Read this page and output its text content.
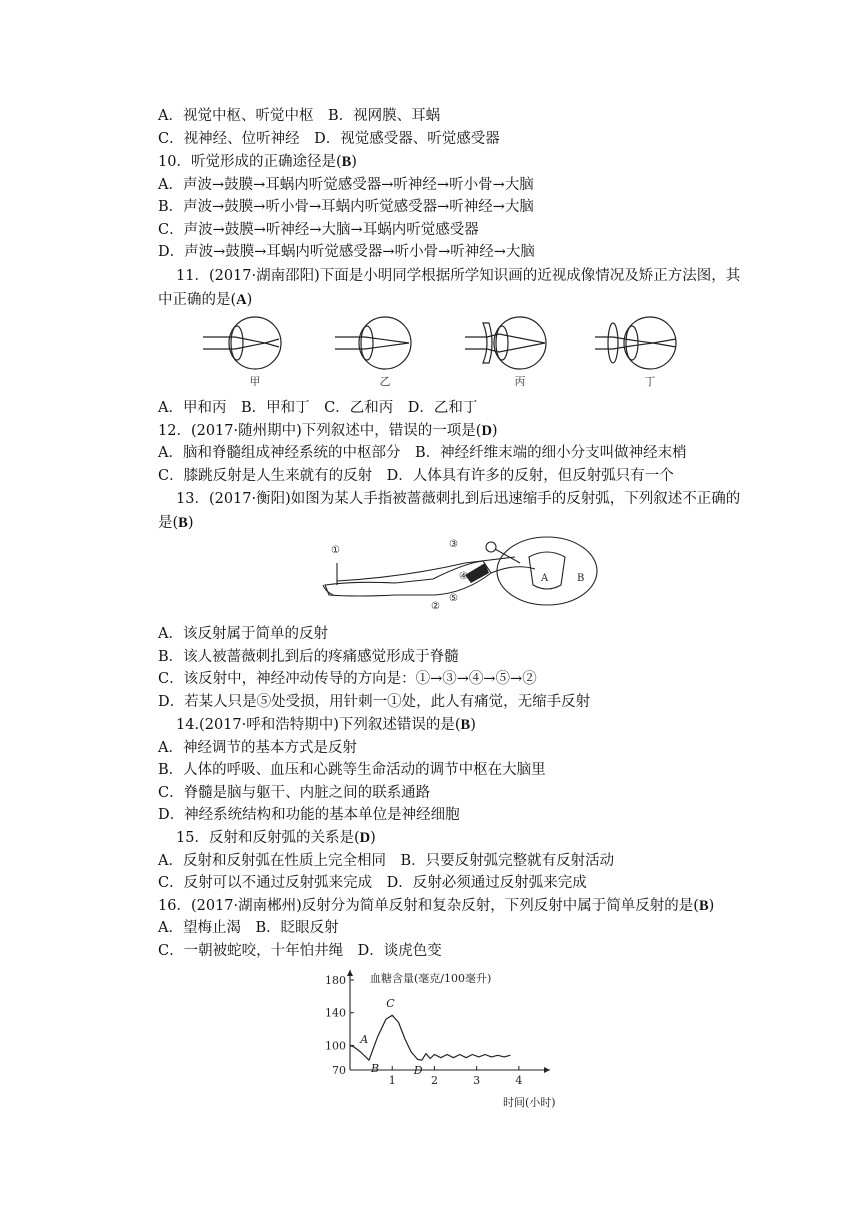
A．视觉中枢、听觉中枢　B．视网膜、耳蜗
C．视神经、位听神经　D．视觉感受器、听觉感受器
10．听觉形成的正确途径是(B)
A．声波→鼓膜→耳蜗内听觉感受器→听神经→听小骨→大脑
B．声波→鼓膜→听小骨→耳蜗内听觉感受器→听神经→大脑
C．声波→鼓膜→听神经→大脑→耳蜗内听觉感受器
D．声波→鼓膜→耳蜗内听觉感受器→听小骨→听神经→大脑
11．(2017·湖南邵阳)下面是小明同学根据所学知识画的近视成像情况及矫正方法图，其
中正确的是(A)
甲	乙	丙	丁
A．甲和丙　B．甲和丁　C．乙和丙　D．乙和丁
12．(2017·随州期中)下列叙述中，错误的一项是(D)
A．脑和脊髓组成神经系统的中枢部分　B．神经纤维末端的细小分支叫做神经末梢
C．膝跳反射是人生来就有的反射　D．人体具有许多的反射，但反射弧只有一个
13．(2017·衡阳)如图为某人手指被蔷薇刺扎到后迅速缩手的反射弧，下列叙述不正确的
是(B)
①
②
③
④
⑤
A	B
A．该反射属于简单的反射
B．该人被蔷薇刺扎到后的疼痛感觉形成于脊髓
C．该反射中，神经冲动传导的方向是：①→③→④→⑤→②
D．若某人只是⑤处受损，用针刺一①处，此人有痛觉，无缩手反射
14.(2017·呼和浩特期中)下列叙述错误的是(B)
A．神经调节的基本方式是反射
B．人体的呼吸、血压和心跳等生命活动的调节中枢在大脑里
C．脊髓是脑与躯干、内脏之间的联系通路
D．神经系统结构和功能的基本单位是神经细胞
15．反射和反射弧的关系是(D)
A．反射和反射弧在性质上完全相同　B．只要反射弧完整就有反射活动
C．反射可以不通过反射弧来完成　D．反射必须通过反射弧来完成
16．(2017·湖南郴州)反射分为简单反射和复杂反射，下列反射中属于简单反射的是(B)
A．望梅止渴　B．眨眼反射
C．一朝被蛇咬，十年怕井绳　D．谈虎色变
70
100
140
180
1	2	3	4
A
B
C
D
血糖含量(毫克/100毫升)
时间(小时)
